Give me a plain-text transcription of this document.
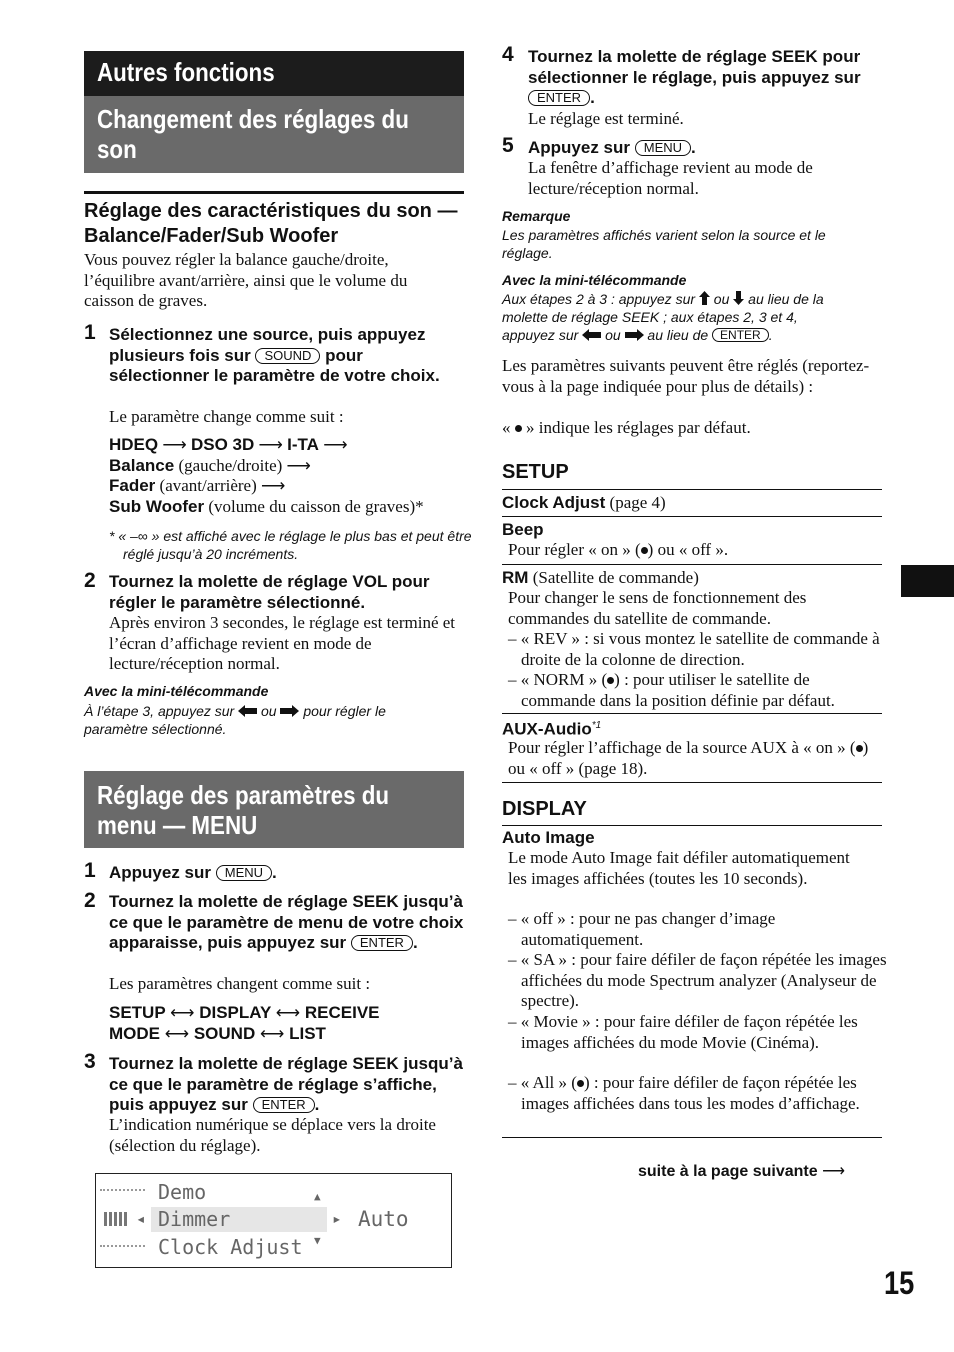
Autres fonctions
Changement des réglages du son
Réglage des caractéristiques du son — Balance/Fader/Sub Woofer
Vous pouvez régler la balance gauche/droite, l’équilibre avant/arrière, ainsi que le volume du caisson de graves.
1 Sélectionnez une source, puis appuyez plusieurs fois sur SOUND pour sélectionner le paramètre de votre choix.
Le paramètre change comme suit :
HDEQ ⟶ DSO 3D ⟶ I-TA ⟶
Balance (gauche/droite) ⟶
Fader (avant/arrière) ⟶
Sub Woofer (volume du caisson de graves)*
* « –∞ » est affiché avec le réglage le plus bas et peut être réglé jusqu’à 20 incréments.
2 Tournez la molette de réglage VOL pour régler le paramètre sélectionné.
Après environ 3 secondes, le réglage est terminé et l’écran d’affichage revient en mode de lecture/réception normal.
Avec la mini-télécommande
À l’étape 3, appuyez sur ou pour régler le paramètre sélectionné.
Réglage des paramètres du menu — MENU
1 Appuyez sur MENU .
2 Tournez la molette de réglage SEEK jusqu’à ce que le paramètre de menu de votre choix apparaisse, puis appuyez sur ENTER .
Les paramètres changent comme suit :
SETUP ⟷ DISPLAY ⟷ RECEIVE
MODE ⟷ SOUND ⟷ LIST
3 Tournez la molette de réglage SEEK jusqu’à ce que le paramètre de réglage s’affiche, puis appuyez sur ENTER .
L’indication numérique se déplace vers la droite (sélection du réglage).
◂
Demo
Dimmer
Clock Adjust
▲
▼
▸ Auto
4 Tournez la molette de réglage SEEK pour sélectionner le réglage, puis appuyez sur ENTER .
Le réglage est terminé.
5 Appuyez sur MENU .
La fenêtre d’affichage revient au mode de lecture/réception normal.
Remarque
Les paramètres affichés varient selon la source et le réglage.
Avec la mini-télécommande
Aux étapes 2 à 3 : appuyez sur ou au lieu de la
molette de réglage SEEK ; aux étapes 2, 3 et 4,
appuyez sur ou au lieu de ENTER .
Les paramètres suivants peuvent être réglés (reportez-vous à la page indiquée pour plus de détails) :
« » indique les réglages par défaut.
SETUP
Clock Adjust (page 4)
Beep
Pour régler « on » ( ) ou « off ».
RM (Satellite de commande)
Pour changer le sens de fonctionnement des commandes du satellite de commande.
– « REV » : si vous montez le satellite de commande à droite de la colonne de direction.
– « NORM » ( ) : pour utiliser le satellite de commande dans la position définie par défaut.
AUX-Audio$^{*1}$
Pour régler l’affichage de la source AUX à « on » ( ) ou « off » (page 18).
DISPLAY
Auto Image
Le mode Auto Image fait défiler automatiquement les images affichées (toutes les 10 seconds).
– « off » : pour ne pas changer d’image automatiquement.
– « SA » : pour faire défiler de façon répétée les images affichées du mode Spectrum analyzer (Analyseur de spectre).
– « Movie » : pour faire défiler de façon répétée les images affichées du mode Movie (Cinéma).
– « All » ( ) : pour faire défiler de façon répétée les images affichées dans tous les modes d’affichage.
suite à la page suivante ⟶
15
